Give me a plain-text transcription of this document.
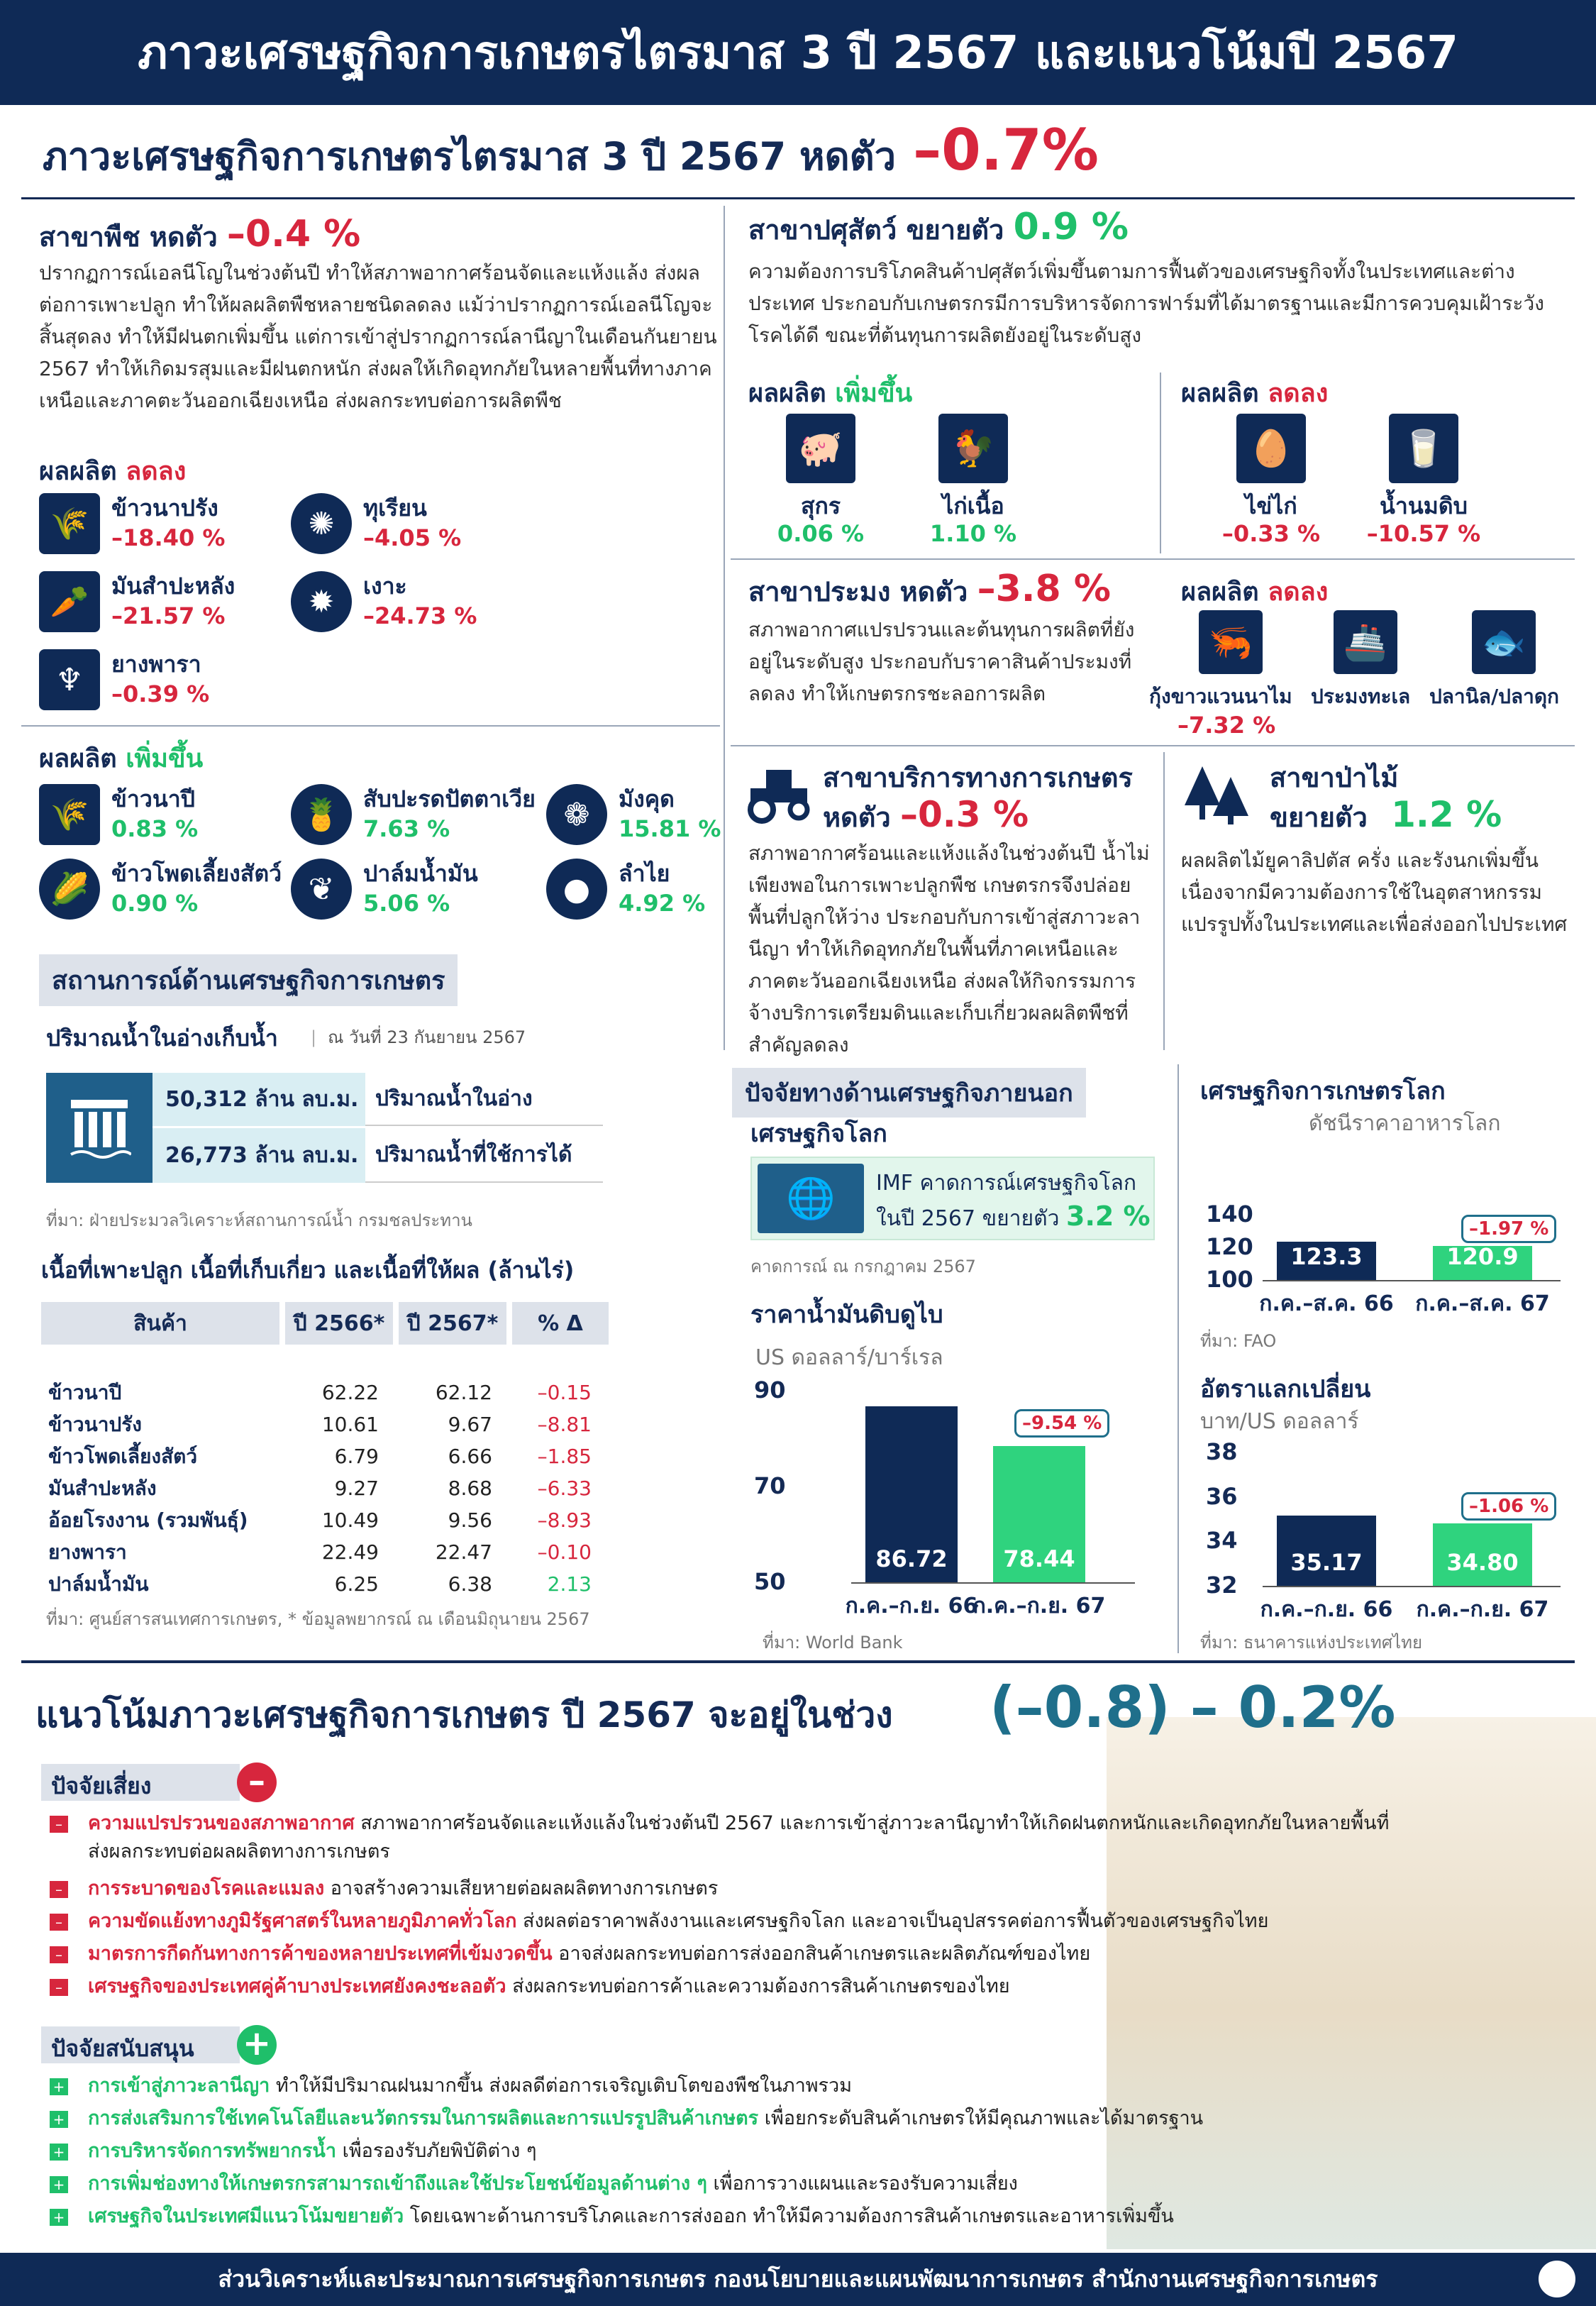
ภาวะเศรษฐกิจการเกษตรไตรมาส 3 ปี 2567 และแนวโน้มปี 2567
ภาวะเศรษฐกิจการเกษตรไตรมาส 3 ปี 2567 หดตัว –0.7%
สาขาพืช หดตัว –0.4 %
ปรากฏการณ์เอลนีโญในช่วงต้นปี ทำให้สภาพอากาศร้อนจัดและแห้งแล้ง ส่งผลต่อการเพาะปลูก ทำให้ผลผลิตพืชหลายชนิดลดลง แม้ว่าปรากฏการณ์เอลนีโญจะสิ้นสุดลง ทำให้มีฝนตกเพิ่มขึ้น แต่การเข้าสู่ปรากฏการณ์ลานีญาในเดือนกันยายน 2567 ทำให้เกิดมรสุมและมีฝนตกหนัก ส่งผลให้เกิดอุทกภัยในหลายพื้นที่ทางภาคเหนือและภาคตะวันออกเฉียงเหนือ ส่งผลกระทบต่อการผลิตพืช
ผลผลิต ลดลง
🌾 ข้าวนาปรัง
–18.40 %	✺	ทุเรียน
–4.05 %
🥕 มันสำปะหลัง
–21.57 %	✹	เงาะ
–24.73 %
♆	ยางพารา
–0.39 %
ผลผลิต เพิ่มขึ้น
🌾 ข้าวนาปี
0.83 %	🍍 สับปะรดปัตตาเวีย
7.63 %	❁	มังคุด
15.81 %
🌽 ข้าวโพดเลี้ยงสัตว์
0.90 %	❦	ปาล์มน้ำมัน
5.06 %	●	ลำไย
4.92 %
สาขาปศุสัตว์ ขยายตัว 0.9 %
ความต้องการบริโภคสินค้าปศุสัตว์เพิ่มขึ้นตามการฟื้นตัวของเศรษฐกิจทั้งในประเทศและต่างประเทศ ประกอบกับเกษตรกรมีการบริหารจัดการฟาร์มที่ได้มาตรฐานและมีการควบคุมเฝ้าระวังโรคได้ดี ขณะที่ต้นทุนการผลิตยังอยู่ในระดับสูง
ผลผลิต เพิ่มขึ้น	ผลผลิต ลดลง
🐖	🐓	🥚	🥛
สุกร
0.06 %
ไก่เนื้อ
1.10 %
ไข่ไก่
–0.33 %
น้ำนมดิบ
–10.57 %
สาขาประมง หดตัว –3.8 %
สภาพอากาศแปรปรวนและต้นทุนการผลิตที่ยังอยู่ในระดับสูง ประกอบกับราคาสินค้าประมงที่ลดลง ทำให้เกษตรกรชะลอการผลิต
ผลผลิต ลดลง
🦐	🚢	🐟
กุ้งขาวแวนนาไม
–7.32 %
ประมงทะเล ปลานิล/ปลาดุก
สาขาบริการทางการเกษตร
หดตัว –0.3 %
สภาพอากาศร้อนและแห้งแล้งในช่วงต้นปี น้ำไม่เพียงพอในการเพาะปลูกพืช เกษตรกรจึงปล่อยพื้นที่ปลูกให้ว่าง ประกอบกับการเข้าสู่สภาวะลานีญา ทำให้เกิดอุทกภัยในพื้นที่ภาคเหนือและภาคตะวันออกเฉียงเหนือ ส่งผลให้กิจกรรมการจ้างบริการเตรียมดินและเก็บเกี่ยวผลผลิตพืชที่สำคัญลดลง
สาขาป่าไม้
ขยายตัว 1.2 %
ผลผลิตไม้ยูคาลิปตัส ครั่ง และรังนกเพิ่มขึ้น เนื่องจากมีความต้องการใช้ในอุตสาหกรรมแปรรูปทั้งในประเทศและเพื่อส่งออกไปประเทศ
สถานการณ์ด้านเศรษฐกิจการเกษตร
ปริมาณน้ำในอ่างเก็บน้ำ | ณ วันที่ 23 กันยายน 2567
50,312 ล้าน ลบ.ม. ปริมาณน้ำในอ่าง
26,773 ล้าน ลบ.ม. ปริมาณน้ำที่ใช้การได้
ที่มา: ฝ่ายประมวลวิเคราะห์สถานการณ์น้ำ กรมชลประทาน
เนื้อที่เพาะปลูก เนื้อที่เก็บเกี่ยว และเนื้อที่ให้ผล (ล้านไร่)
สินค้า	ปี 2566*	ปี 2567*	% Δ

ข้าวนาปี	62.22	62.12	–0.15
ข้าวนาปรัง	10.61	9.67	–8.81
ข้าวโพดเลี้ยงสัตว์	6.79	6.66	–1.85
มันสำปะหลัง	9.27	8.68	–6.33
อ้อยโรงงาน (รวมพันธุ์)	10.49	9.56	–8.93
ยางพารา	22.49	22.47	–0.10
ปาล์มน้ำมัน	6.25	6.38	2.13
ที่มา: ศูนย์สารสนเทศการเกษตร, * ข้อมูลพยากรณ์ ณ เดือนมิถุนายน 2567
ปัจจัยทางด้านเศรษฐกิจภายนอก
เศรษฐกิจโลก
🌐	IMF คาดการณ์เศรษฐกิจโลก
ในปี 2567 ขยายตัว 3.2 %
คาดการณ์ ณ กรกฎาคม 2567
ราคาน้ำมันดิบดูไบ
US ดอลลาร์/บาร์เรล
ที่มา: World Bank
เศรษฐกิจการเกษตรโลก
ดัชนีราคาอาหารโลก
ที่มา: FAO
อัตราแลกเปลี่ยน
บาท/US ดอลลาร์
ที่มา: ธนาคารแห่งประเทศไทย
90
70
50
86.72
ก.ค.–ก.ย. 66
78.44
ก.ค.–ก.ย. 67
–9.54 %
140
120
100
123.3
ก.ค.–ส.ค. 66
120.9
ก.ค.–ส.ค. 67
–1.97 %
38
36
34
32
35.17
ก.ค.–ก.ย. 66
34.80
ก.ค.–ก.ย. 67
–1.06 %
แนวโน้มภาวะเศรษฐกิจการเกษตร ปี 2567 จะอยู่ในช่วง (–0.8) – 0.2%
ปัจจัยเสี่ยง	–
– ความแปรปรวนของสภาพอากาศ สภาพอากาศร้อนจัดและแห้งแล้งในช่วงต้นปี 2567 และการเข้าสู่ภาวะลานีญาทำให้เกิดฝนตกหนักและเกิดอุทกภัยในหลายพื้นที่
ส่งผลกระทบต่อผลผลิตทางการเกษตร
– การระบาดของโรคและแมลง อาจสร้างความเสียหายต่อผลผลิตทางการเกษตร
– ความขัดแย้งทางภูมิรัฐศาสตร์ในหลายภูมิภาคทั่วโลก ส่งผลต่อราคาพลังงานและเศรษฐกิจโลก และอาจเป็นอุปสรรคต่อการฟื้นตัวของเศรษฐกิจไทย
– มาตรการกีดกันทางการค้าของหลายประเทศที่เข้มงวดขึ้น อาจส่งผลกระทบต่อการส่งออกสินค้าเกษตรและผลิตภัณฑ์ของไทย
– เศรษฐกิจของประเทศคู่ค้าบางประเทศยังคงชะลอตัว ส่งผลกระทบต่อการค้าและความต้องการสินค้าเกษตรของไทย
ปัจจัยสนับสนุน	+
+ การเข้าสู่ภาวะลานีญา ทำให้มีปริมาณฝนมากขึ้น ส่งผลดีต่อการเจริญเติบโตของพืชในภาพรวม
+ การส่งเสริมการใช้เทคโนโลยีและนวัตกรรมในการผลิตและการแปรรูปสินค้าเกษตร เพื่อยกระดับสินค้าเกษตรให้มีคุณภาพและได้มาตรฐาน
+ การบริหารจัดการทรัพยากรน้ำ เพื่อรองรับภัยพิบัติต่าง ๆ
+ การเพิ่มช่องทางให้เกษตรกรสามารถเข้าถึงและใช้ประโยชน์ข้อมูลด้านต่าง ๆ เพื่อการวางแผนและรองรับความเสี่ยง
+ เศรษฐกิจในประเทศมีแนวโน้มขยายตัว โดยเฉพาะด้านการบริโภคและการส่งออก ทำให้มีความต้องการสินค้าเกษตรและอาหารเพิ่มขึ้น
ส่วนวิเคราะห์และประมาณการเศรษฐกิจการเกษตร กองนโยบายและแผนพัฒนาการเกษตร สำนักงานเศรษฐกิจการเกษตร
